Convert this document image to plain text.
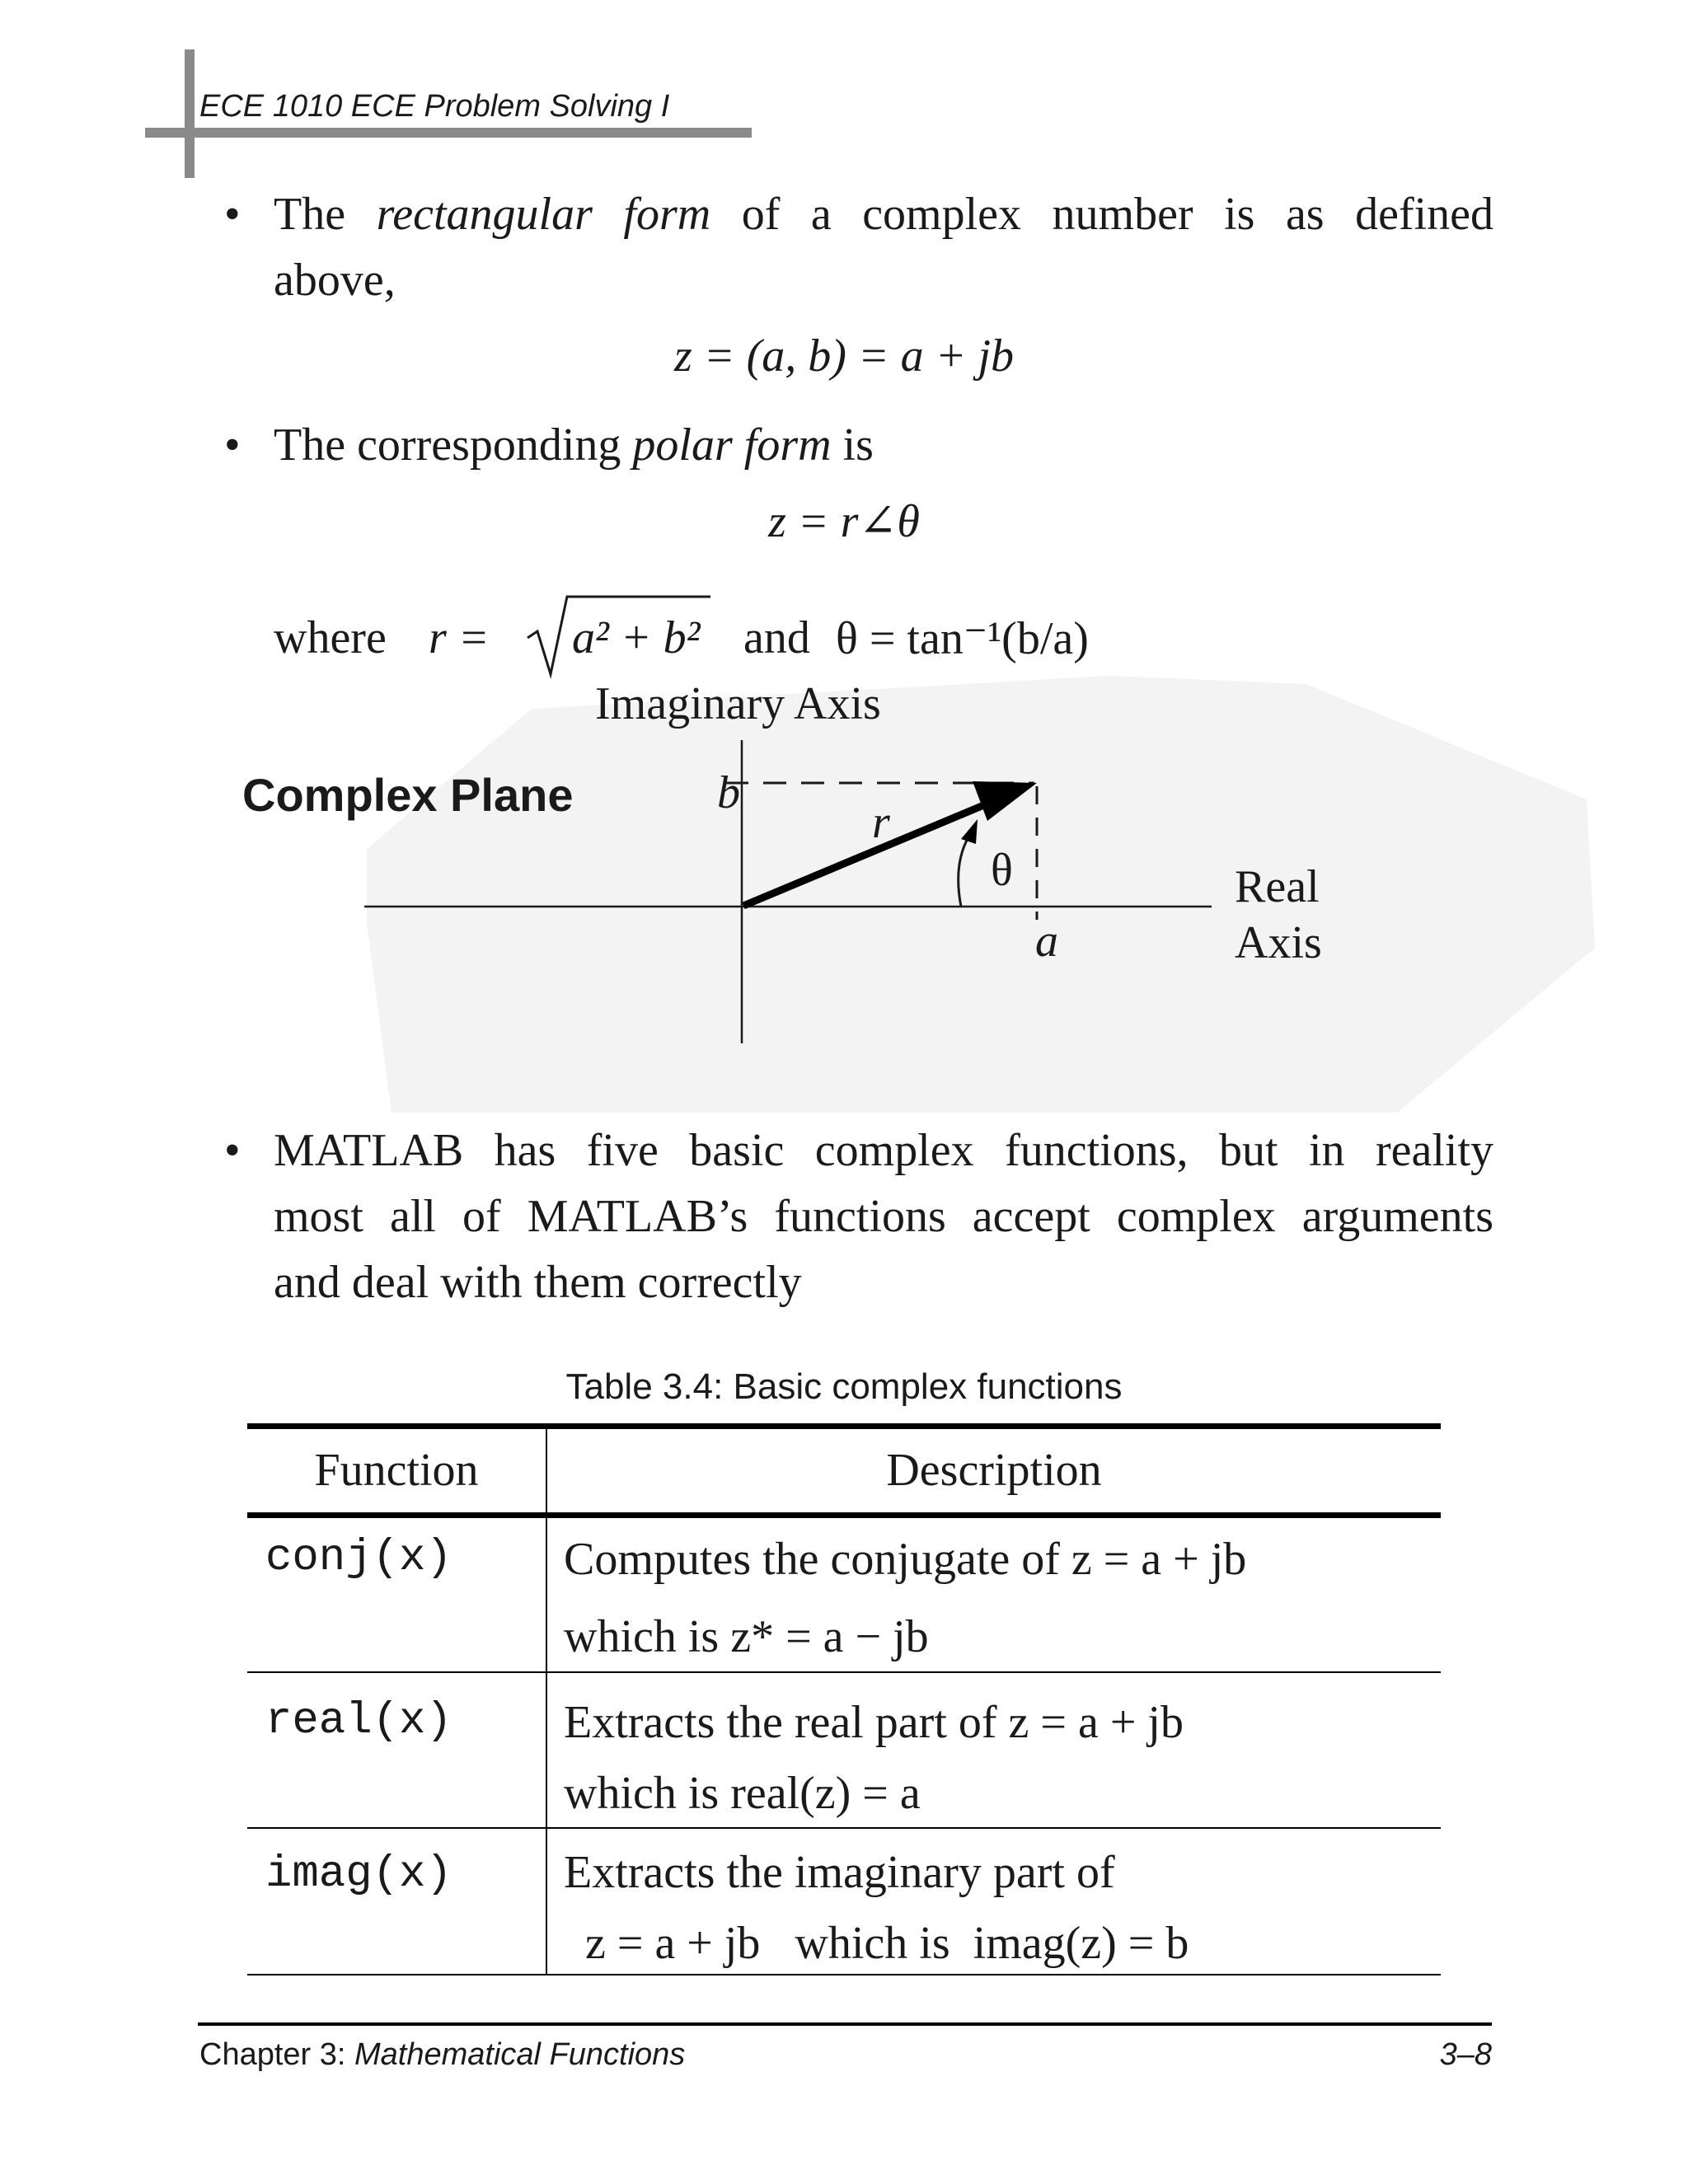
ECE 1010 ECE Problem Solving I
• The rectangular form of a complex number is as defined
above,
z = (a, b) = a + jb
• The corresponding polar form is
z = r∠θ
where r = a² + b² and θ = tan⁻¹(b/a)
Imaginary Axis
Complex Plane	b
r
θ
a
Real
Axis
• MATLAB has five basic complex functions, but in reality
most all of MATLAB’s functions accept complex arguments
and deal with them correctly
Table 3.4: Basic complex functions
Function	Description
conj(x) Computes the conjugate of z = a + jb
which is z* = a − jb
real(x) Extracts the real part of z = a + jb
which is real(z) = a
imag(x) Extracts the imaginary part of
z = a + jb   which is  imag(z) = b
Chapter 3: Mathematical Functions	3–8
